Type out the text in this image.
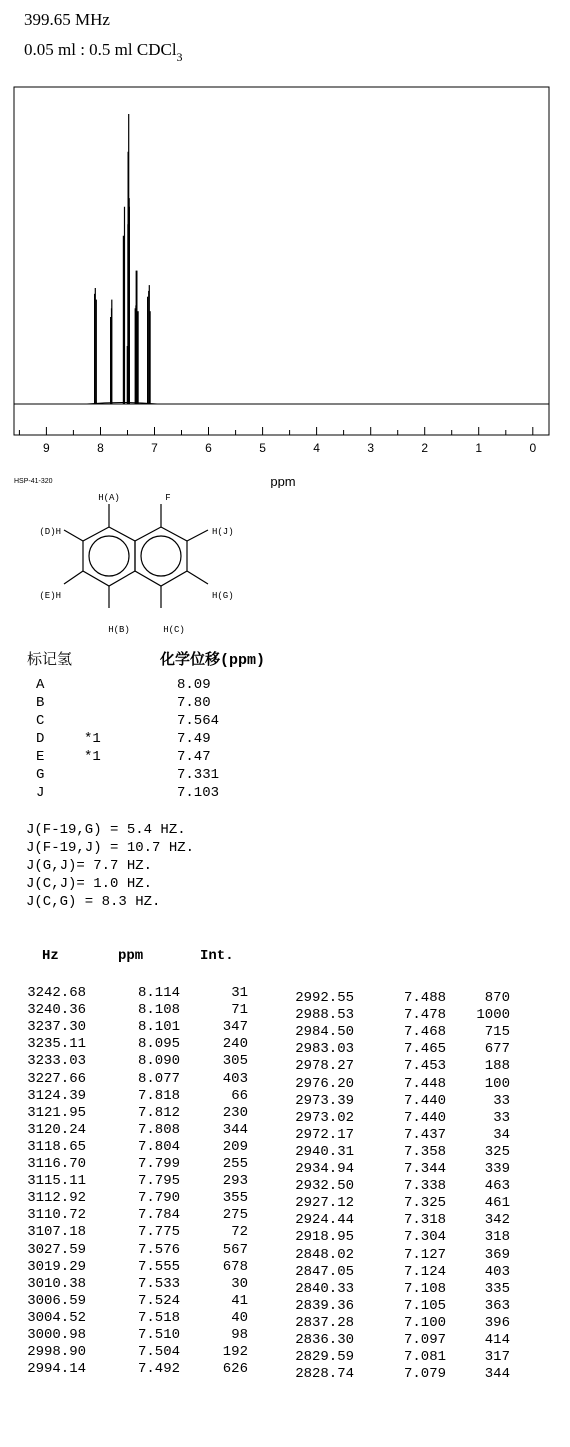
399.65 MHz
0.05 ml : 0.5 ml CDCl$_3$
9	8	7	6	5	4	3	2	1	0
ppm
HSP-41-320
H(A)	F
(D)H	H(J)
(E)H	H(G)
H(B)	H(C)
标记氢	化学位移(ppm)
A	8.09
B	7.80
C	7.564
D	*1	7.49
E	*1	7.47
G	7.331
J	7.103
J(F-19,G) = 5.4 HZ.
J(F-19,J) = 10.7 HZ.
J(G,J)= 7.7 HZ.
J(C,J)= 1.0 HZ.
J(C,G) = 8.3 HZ.
Hz	ppm	Int.
3242.68	8.114	31
3240.36	8.108	71
3237.30	8.101	347
3235.11	8.095	240
3233.03	8.090	305
3227.66	8.077	403
3124.39	7.818	66
3121.95	7.812	230
3120.24	7.808	344
3118.65	7.804	209
3116.70	7.799	255
3115.11	7.795	293
3112.92	7.790	355
3110.72	7.784	275
3107.18	7.775	72
3027.59	7.576	567
3019.29	7.555	678
3010.38	7.533	30
3006.59	7.524	41
3004.52	7.518	40
3000.98	7.510	98
2998.90	7.504	192
2994.14	7.492	626
2992.55	7.488	870
2988.53	7.478	1000
2984.50	7.468	715
2983.03	7.465	677
2978.27	7.453	188
2976.20	7.448	100
2973.39	7.440	33
2973.02	7.440	33
2972.17	7.437	34
2940.31	7.358	325
2934.94	7.344	339
2932.50	7.338	463
2927.12	7.325	461
2924.44	7.318	342
2918.95	7.304	318
2848.02	7.127	369
2847.05	7.124	403
2840.33	7.108	335
2839.36	7.105	363
2837.28	7.100	396
2836.30	7.097	414
2829.59	7.081	317
2828.74	7.079	344
